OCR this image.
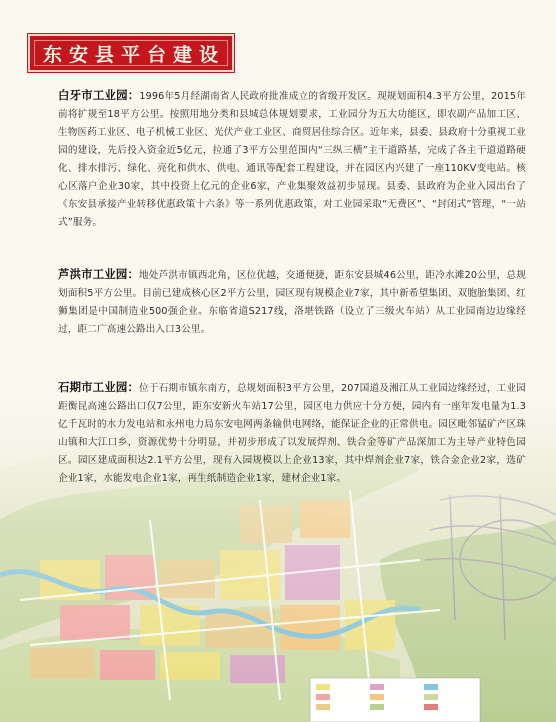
东安县平台建设
白牙市工业园：1996年5月经湖南省人民政府批准成立的省级开发区。现规划面积4.3平方公里，2015年前将扩规至18平方公里。按照用地分类和县城总体规划要求，工业园分为五大功能区，即农副产品加工区、生物医药工业区、电子机械工业区、光伏产业工业区、商贸居住综合区。近年来，县委、县政府十分重视工业园的建设，先后投入资金近5亿元，拉通了3平方公里范围内“三纵三横”主干道路基，完成了各主干道道路硬化、排水排污、绿化、亮化和供水、供电、通讯等配套工程建设，并在园区内兴建了一座110KV变电站。核心区落户企业30家，其中投资上亿元的企业6家，产业集聚效益初步显现。县委、县政府为企业入园出台了《东安县承接产业转移优惠政策十六条》等一系列优惠政策，对工业园采取“无费区”、“封闭式”管理，“一站式”服务。
芦洪市工业园：地处芦洪市镇西北角，区位优越，交通便捷，距东安县城46公里，距冷水滩20公里，总规划面积5平方公里。目前已建成核心区2平方公里，园区现有规模企业7家，其中新希望集团、双胞胎集团、红狮集团是中国制造业500强企业。东临省道S217线，洛堪铁路（设立了三级火车站）从工业园南边边缘经过，距二广高速公路出入口3公里。
石期市工业园：位于石期市镇东南方，总规划面积3平方公里，207国道及湘江从工业园边缘经过，工业园距衡昆高速公路出口仅7公里，距东安新火车站17公里，园区电力供应十分方便，园内有一座年发电量为1.3亿千瓦时的水力发电站和永州电力局东安电网两条输供电网络，能保证企业的正常供电。园区毗邻锰矿产区珠山镇和大江口乡，资源优势十分明显，并初步形成了以发展焊剂、铁合金等矿产品深加工为主导产业特色园区。园区建成面积达2.1平方公里，现有入园规模以上企业13家，其中焊剂企业7家，铁合金企业2家，选矿企业1家，水能发电企业1家，再生纸制造企业1家，建材企业1家。
